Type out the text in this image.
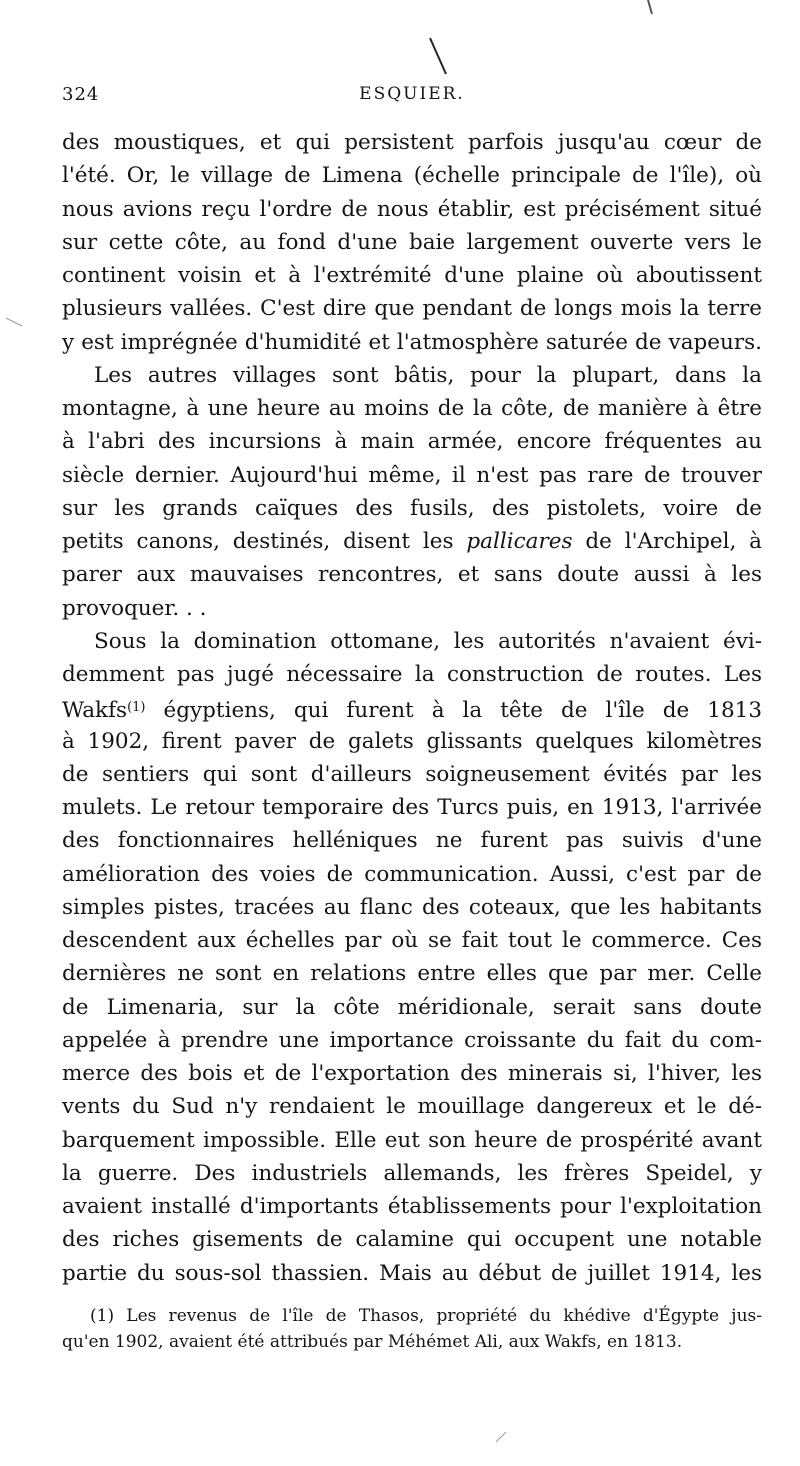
324	ESQUIER.
des moustiques, et qui persistent parfois jusqu'au cœur de
l'été. Or, le village de Limena (échelle principale de l'île), où
nous avions reçu l'ordre de nous établir, est précisément situé
sur cette côte, au fond d'une baie largement ouverte vers le
continent voisin et à l'extrémité d'une plaine où aboutissent
plusieurs vallées. C'est dire que pendant de longs mois la terre
y est imprégnée d'humidité et l'atmosphère saturée de vapeurs.
Les autres villages sont bâtis, pour la plupart, dans la
montagne, à une heure au moins de la côte, de manière à être
à l'abri des incursions à main armée, encore fréquentes au
siècle dernier. Aujourd'hui même, il n'est pas rare de trouver
sur les grands caïques des fusils, des pistolets, voire de
petits canons, destinés, disent les pallicares de l'Archipel, à
parer aux mauvaises rencontres, et sans doute aussi à les
provoquer. . .
Sous la domination ottomane, les autorités n'avaient évi-
demment pas jugé nécessaire la construction de routes. Les
Wakfs$^{(1)}$ égyptiens, qui furent à la tête de l'île de 1813
à 1902, firent paver de galets glissants quelques kilomètres
de sentiers qui sont d'ailleurs soigneusement évités par les
mulets. Le retour temporaire des Turcs puis, en 1913, l'arrivée
des fonctionnaires helléniques ne furent pas suivis d'une
amélioration des voies de communication. Aussi, c'est par de
simples pistes, tracées au flanc des coteaux, que les habitants
descendent aux échelles par où se fait tout le commerce. Ces
dernières ne sont en relations entre elles que par mer. Celle
de Limenaria, sur la côte méridionale, serait sans doute
appelée à prendre une importance croissante du fait du com-
merce des bois et de l'exportation des minerais si, l'hiver, les
vents du Sud n'y rendaient le mouillage dangereux et le dé-
barquement impossible. Elle eut son heure de prospérité avant
la guerre. Des industriels allemands, les frères Speidel, y
avaient installé d'importants établissements pour l'exploitation
des riches gisements de calamine qui occupent une notable
partie du sous-sol thassien. Mais au début de juillet 1914, les
(1) Les revenus de l'île de Thasos, propriété du khédive d'Égypte jus-
qu'en 1902, avaient été attribués par Méhémet Ali, aux Wakfs, en 1813.
